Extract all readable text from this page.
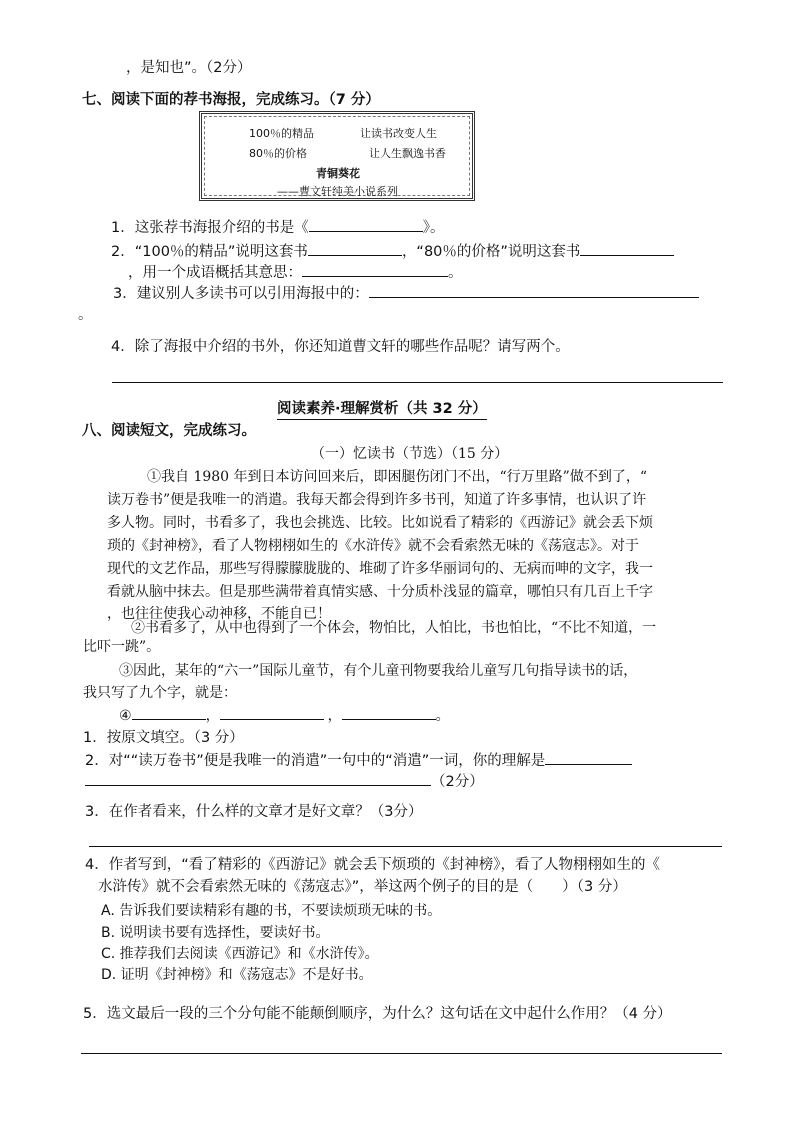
，是知也”。（2分）
七、阅读下面的荐书海报，完成练习。（7 分）
100％的精品	让读书改变人生
80％的价格	让人生飘逸书香
青铜葵花
——曹文轩纯美小说系列
1．这张荐书海报介绍的书是《	》。
2．“100％的精品”说明这套书	，“80％的价格”说明这套书
，用一个成语概括其意思：	。
3．建议别人多读书可以引用海报中的：
。
4．除了海报中介绍的书外，你还知道曹文轩的哪些作品呢？请写两个。
阅读素养·理解赏析（共 32 分）
八、阅读短文，完成练习。
（一）忆读书（节选）（15 分）
①我自 1980 年到日本访问回来后，即困腿伤闭门不出，“行万里路”做不到了，“
读万卷书”便是我唯一的消遣。我每天都会得到许多书刊，知道了许多事情，也认识了许
多人物。同时，书看多了，我也会挑选、比较。比如说看了精彩的《西游记》就会丢下烦
琐的《封神榜》，看了人物栩栩如生的《水浒传》就不会看索然无味的《荡寇志》。对于
现代的文艺作品，那些写得朦朦胧胧的、堆砌了许多华丽词句的、无病而呻的文字，我一
看就从脑中抹去。但是那些满带着真情实感、十分质朴浅显的篇章，哪怕只有几百上千字
，也往往使我心动神移，不能自已！
②书看多了，从中也得到了一个体会，物怕比，人怕比，书也怕比，“不比不知道，一
比吓一跳”。
③因此，某年的“六一”国际儿童节，有个儿童刊物要我给儿童写几句指导读书的话，
我只写了九个字，就是：
④	，	，	。
1．按原文填空。（3 分）
2．对““读万卷书”便是我唯一的消遣”一句中的“消遣”一词，你的理解是
（2分）
3．在作者看来，什么样的文章才是好文章？（3分）
4．作者写到，“看了精彩的《西游记》就会丢下烦琐的《封神榜》，看了人物栩栩如生的《
水浒传》就不会看索然无味的《荡寇志》”，举这两个例子的目的是（　　）（3 分）
A. 告诉我们要读精彩有趣的书，不要读烦琐无味的书。
B. 说明读书要有选择性，要读好书。
C. 推荐我们去阅读《西游记》和《水浒传》。
D. 证明《封神榜》和《荡寇志》不是好书。
5．选文最后一段的三个分句能不能颠倒顺序，为什么？这句话在文中起什么作用？（4 分）
